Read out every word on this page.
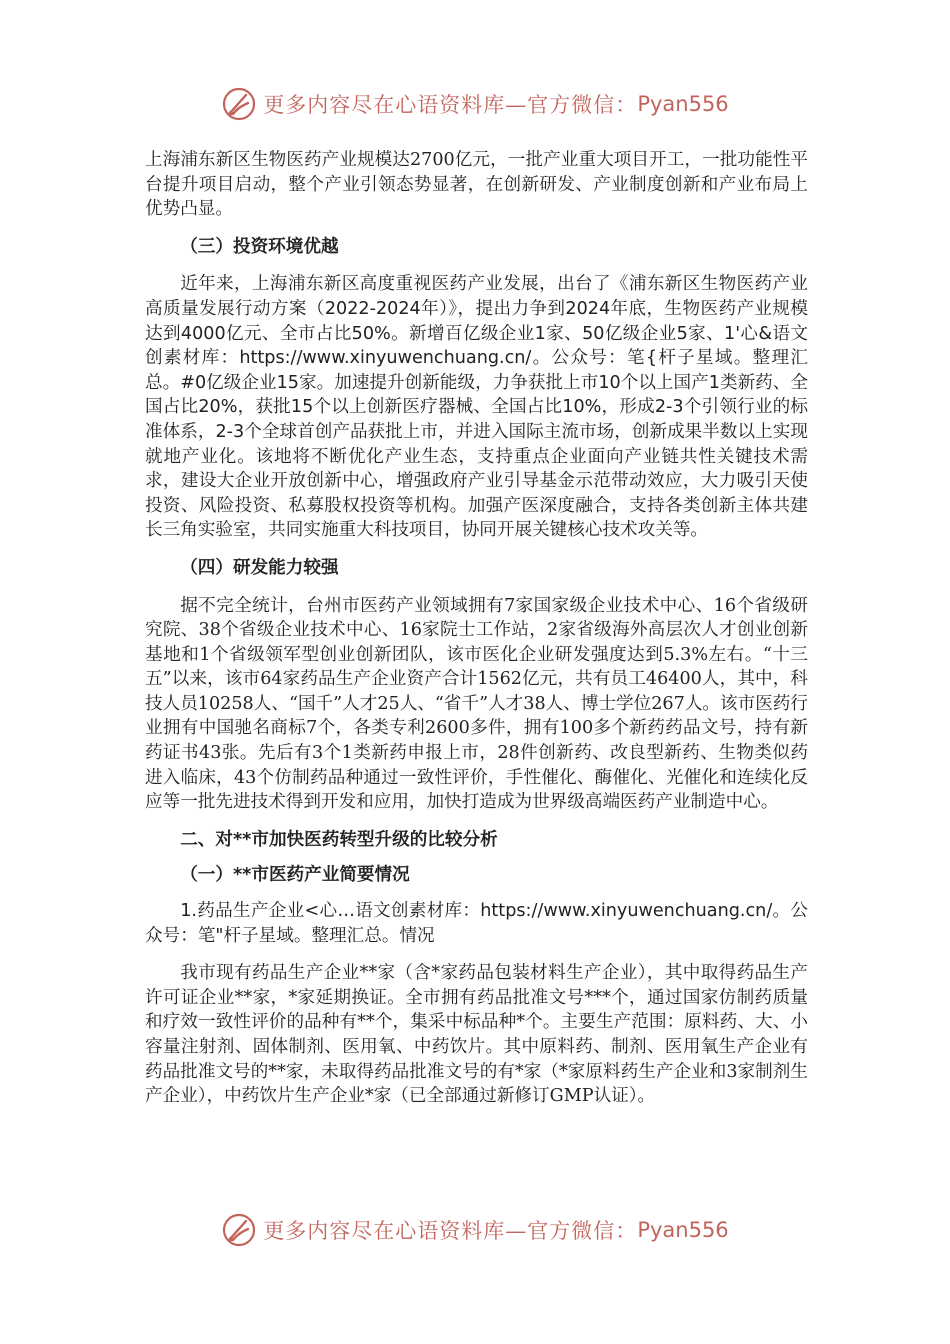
更多内容尽在心语资料库—官方微信： Pyan556

上海浦东新区生物医药产业规模达2700亿元，一批产业重大项目开工，一批功能性平台提升项目启动，整个产业引领态势显著，在创新研发、产业制度创新和产业布局上优势凸显。

（三）投资环境优越

近年来，上海浦东新区高度重视医药产业发展，出台了《浦东新区生物医药产业高质量发展行动方案（2022-2024年）》，提出力争到2024年底，生物医药产业规模达到4000亿元、全市占比50%。新增百亿级企业1家、50亿级企业5家、1'心&语文创素材库：https://www.xinyuwenchuang.cn/。公众号：笔{杆子星域。整理汇总。#0亿级企业15家。加速提升创新能级，力争获批上市10个以上国产1类新药、全国占比20%，获批15个以上创新医疗器械、全国占比10%，形成2-3个引领行业的标准体系，2-3个全球首创产品获批上市，并进入国际主流市场，创新成果半数以上实现就地产业化。该地将不断优化产业生态，支持重点企业面向产业链共性关键技术需求，建设大企业开放创新中心，增强政府产业引导基金示范带动效应，大力吸引天使投资、风险投资、私募股权投资等机构。加强产医深度融合，支持各类创新主体共建长三角实验室，共同实施重大科技项目，协同开展关键核心技术攻关等。

（四）研发能力较强

据不完全统计，台州市医药产业领域拥有7家国家级企业技术中心、16个省级研究院、38个省级企业技术中心、16家院士工作站，2家省级海外高层次人才创业创新基地和1个省级领军型创业创新团队，该市医化企业研发强度达到5.3%左右。“十三五”以来，该市64家药品生产企业资产合计1562亿元，共有员工46400人，其中，科技人员10258人、“国千”人才25人、“省千”人才38人、博士学位267人。该市医药行业拥有中国驰名商标7个，各类专利2600多件，拥有100多个新药药品文号，持有新药证书43张。先后有3个1类新药申报上市，28件创新药、改良型新药、生物类似药进入临床，43个仿制药品种通过一致性评价，手性催化、酶催化、光催化和连续化反应等一批先进技术得到开发和应用，加快打造成为世界级高端医药产业制造中心。

二、对**市加快医药转型升级的比较分析
（一）**市医药产业简要情况

1.药品生产企业<心…语文创素材库：https://www.xinyuwenchuang.cn/。公众号：笔"杆子星域。整理汇总。情况

我市现有药品生产企业**家（含*家药品包装材料生产企业），其中取得药品生产许可证企业**家，*家延期换证。全市拥有药品批准文号***个，通过国家仿制药质量和疗效一致性评价的品种有**个，集采中标品种*个。主要生产范围：原料药、大、小容量注射剂、固体制剂、医用氧、中药饮片。其中原料药、制剂、医用氧生产企业有药品批准文号的**家，未取得药品批准文号的有*家（*家原料药生产企业和3家制剂生产企业），中药饮片生产企业*家（已全部通过新修订GMP认证）。

更多内容尽在心语资料库—官方微信： Pyan556
